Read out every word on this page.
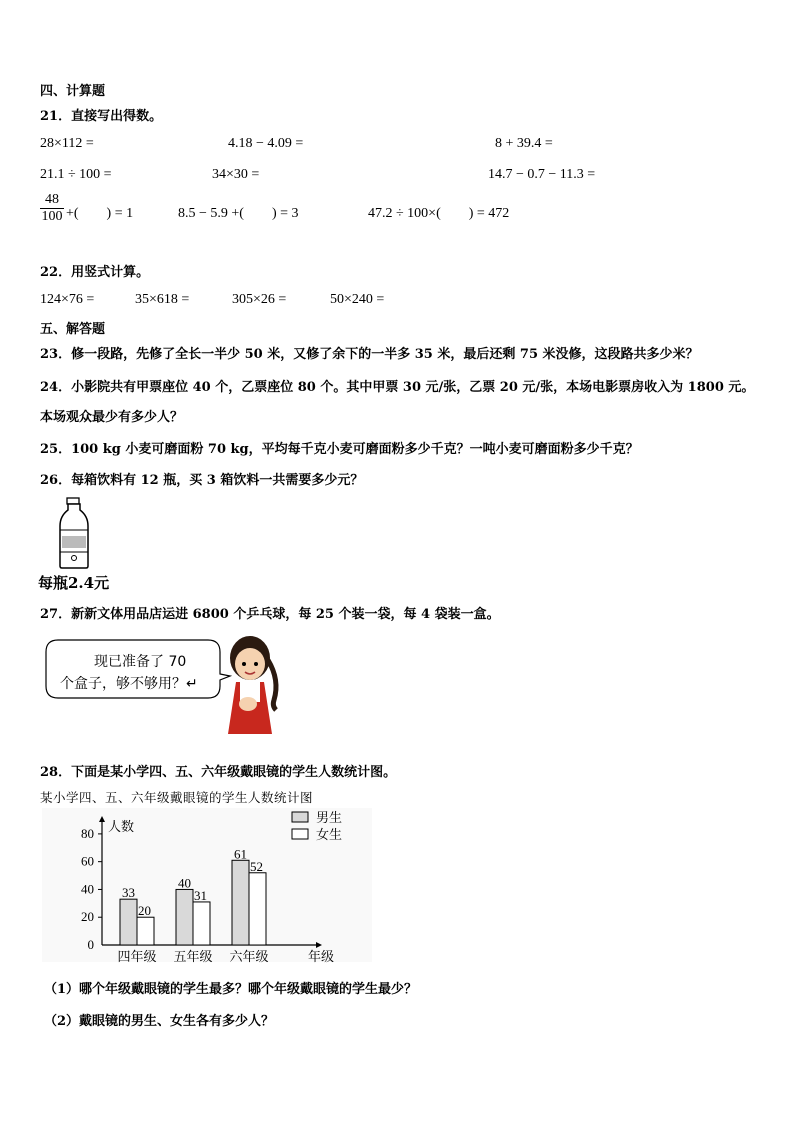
四、计算题
21．直接写出得数。
28×112 =	4.18 − 4.09 =	8 + 39.4 =
21.1 ÷ 100 =	34×30 =	14.7 − 0.7 − 11.3 =
48
100 +(　　) = 1	8.5 − 5.9 +(　　) = 3	47.2 ÷ 100×(　　) = 472
22．用竖式计算。
124×76 =	35×618 =	305×26 =	50×240 =
五、解答题
23．修一段路，先修了全长一半少 50 米，又修了余下的一半多 35 米，最后还剩 75 米没修，这段路共多少米？
24．小影院共有甲票座位 40 个，乙票座位 80 个。其中甲票 30 元/张，乙票 20 元/张，本场电影票房收入为 1800 元。
本场观众最少有多少人？
25．100 kg 小麦可磨面粉 70 kg，平均每千克小麦可磨面粉多少千克？一吨小麦可磨面粉多少千克？
26．每箱饮料有 12 瓶，买 3 箱饮料一共需要多少元？
每瓶2.4元
27．新新文体用品店运进 6800 个乒乓球，每 25 个装一袋，每 4 袋装一盒。
现已准备了 70
个盒子，够不够用？↵
28．下面是某小学四、五、六年级戴眼镜的学生人数统计图。
某小学四、五、六年级戴眼镜的学生人数统计图
人数
年级
0
20
40
60
80
33
20
四年级
40
31
五年级
61
52
六年级
男生
女生
（1）哪个年级戴眼镜的学生最多？哪个年级戴眼镜的学生最少？
（2）戴眼镜的男生、女生各有多少人？
